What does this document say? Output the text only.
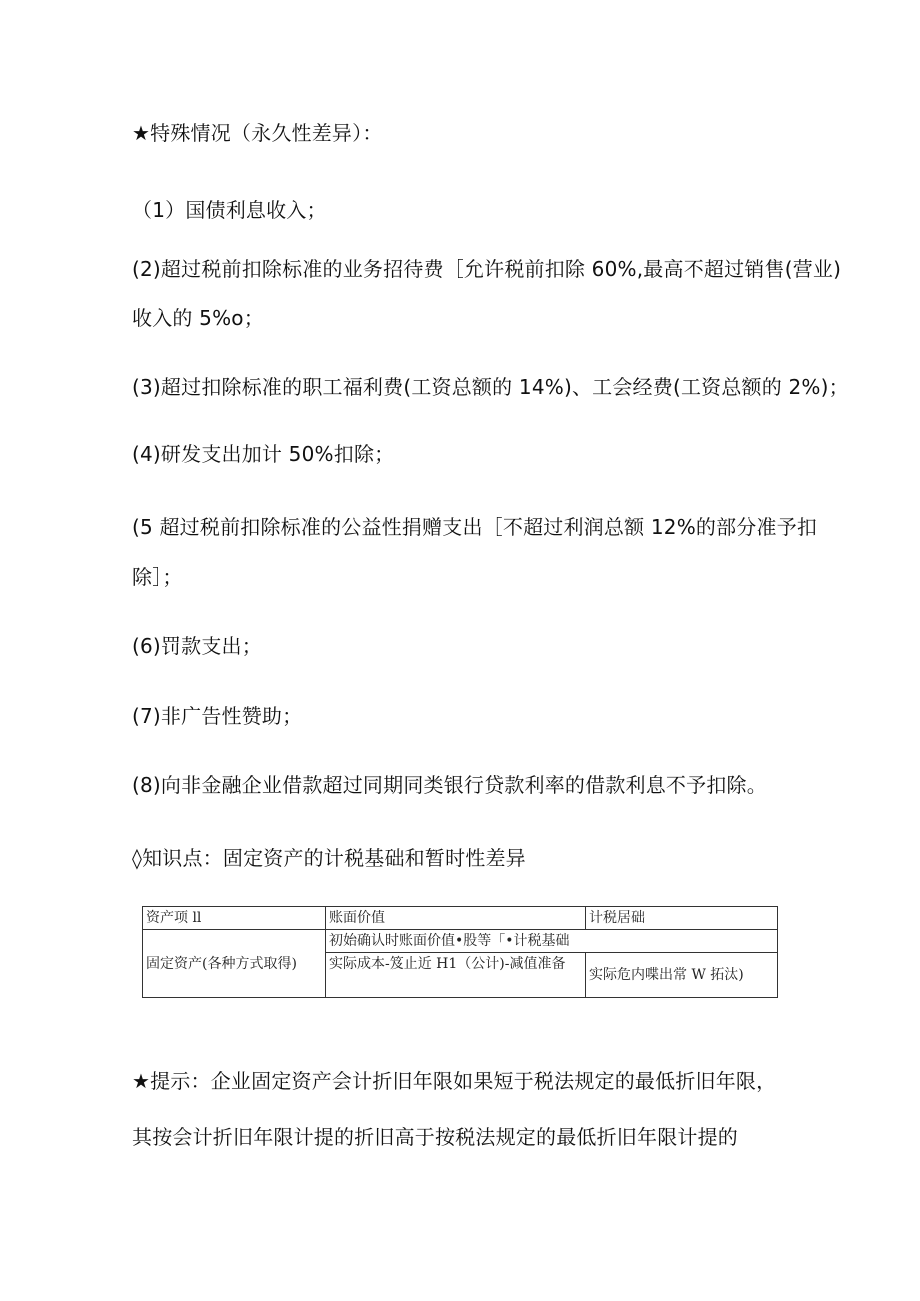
★特殊情况（永久性差异）：

（1）国债利息收入；

(2)超过税前扣除标准的业务招待费［允许税前扣除 60%,最高不超过销售(营业)

收入的 5%o；

(3)超过扣除标准的职工福利费(工资总额的 14%)、工会经费(工资总额的 2%)；

(4)研发支出加计 50%扣除；

(5 超过税前扣除标准的公益性捐赠支出［不超过利润总额 12%的部分准予扣

除］；

(6)罚款支出；

(7)非广告性赞助；

(8)向非金融企业借款超过同期同类银行贷款利率的借款利息不予扣除。

◊知识点：固定资产的计税基础和暂时性差异

资产项 ll	账面价值	计税居础
固定资产(各种方式取得)	初始确认时账面价值•股等「•计税基础	
	实际成本-笈止近 H1（公计)-减值准备	实际危内喋出常 W 拓汰)

★提示：企业固定资产会计折旧年限如果短于税法规定的最低折旧年限，

其按会计折旧年限计提的折旧高于按税法规定的最低折旧年限计提的
